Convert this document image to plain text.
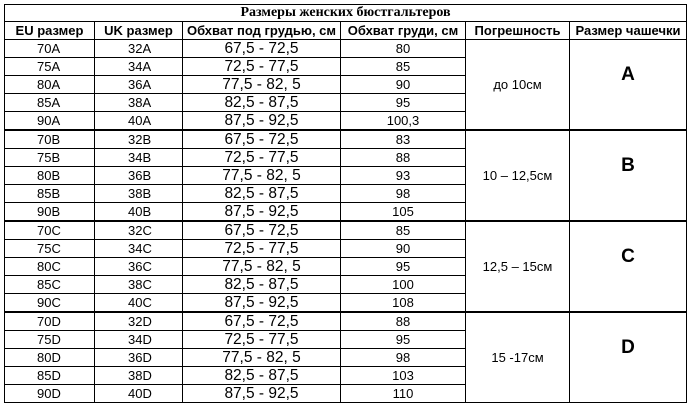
Размеры женских бюстгальтеров					
EU размер	UK размер	Обхват под грудью, см	Обхват груди, см	Погрешность	Размер чашечки
70A	32A	67,5 - 72,5	80	до 10см	A
75A	34A	72,5 - 77,5	85		
80A	36A	77,5 - 82, 5	90		
85A	38A	82,5 - 87,5	95		
90A	40A	87,5 - 92,5	100,3		
70B	32B	67,5 - 72,5	83	10 – 12,5см	B
75B	34B	72,5 - 77,5	88		
80B	36B	77,5 - 82, 5	93		
85B	38B	82,5 - 87,5	98		
90B	40B	87,5 - 92,5	105		
70C	32C	67,5 - 72,5	85	12,5 – 15см	C
75C	34C	72,5 - 77,5	90		
80C	36C	77,5 - 82, 5	95		
85C	38C	82,5 - 87,5	100		
90C	40C	87,5 - 92,5	108		
70D	32D	67,5 - 72,5	88	15 -17см	D
75D	34D	72,5 - 77,5	95		
80D	36D	77,5 - 82, 5	98		
85D	38D	82,5 - 87,5	103		
90D	40D	87,5 - 92,5	110		
